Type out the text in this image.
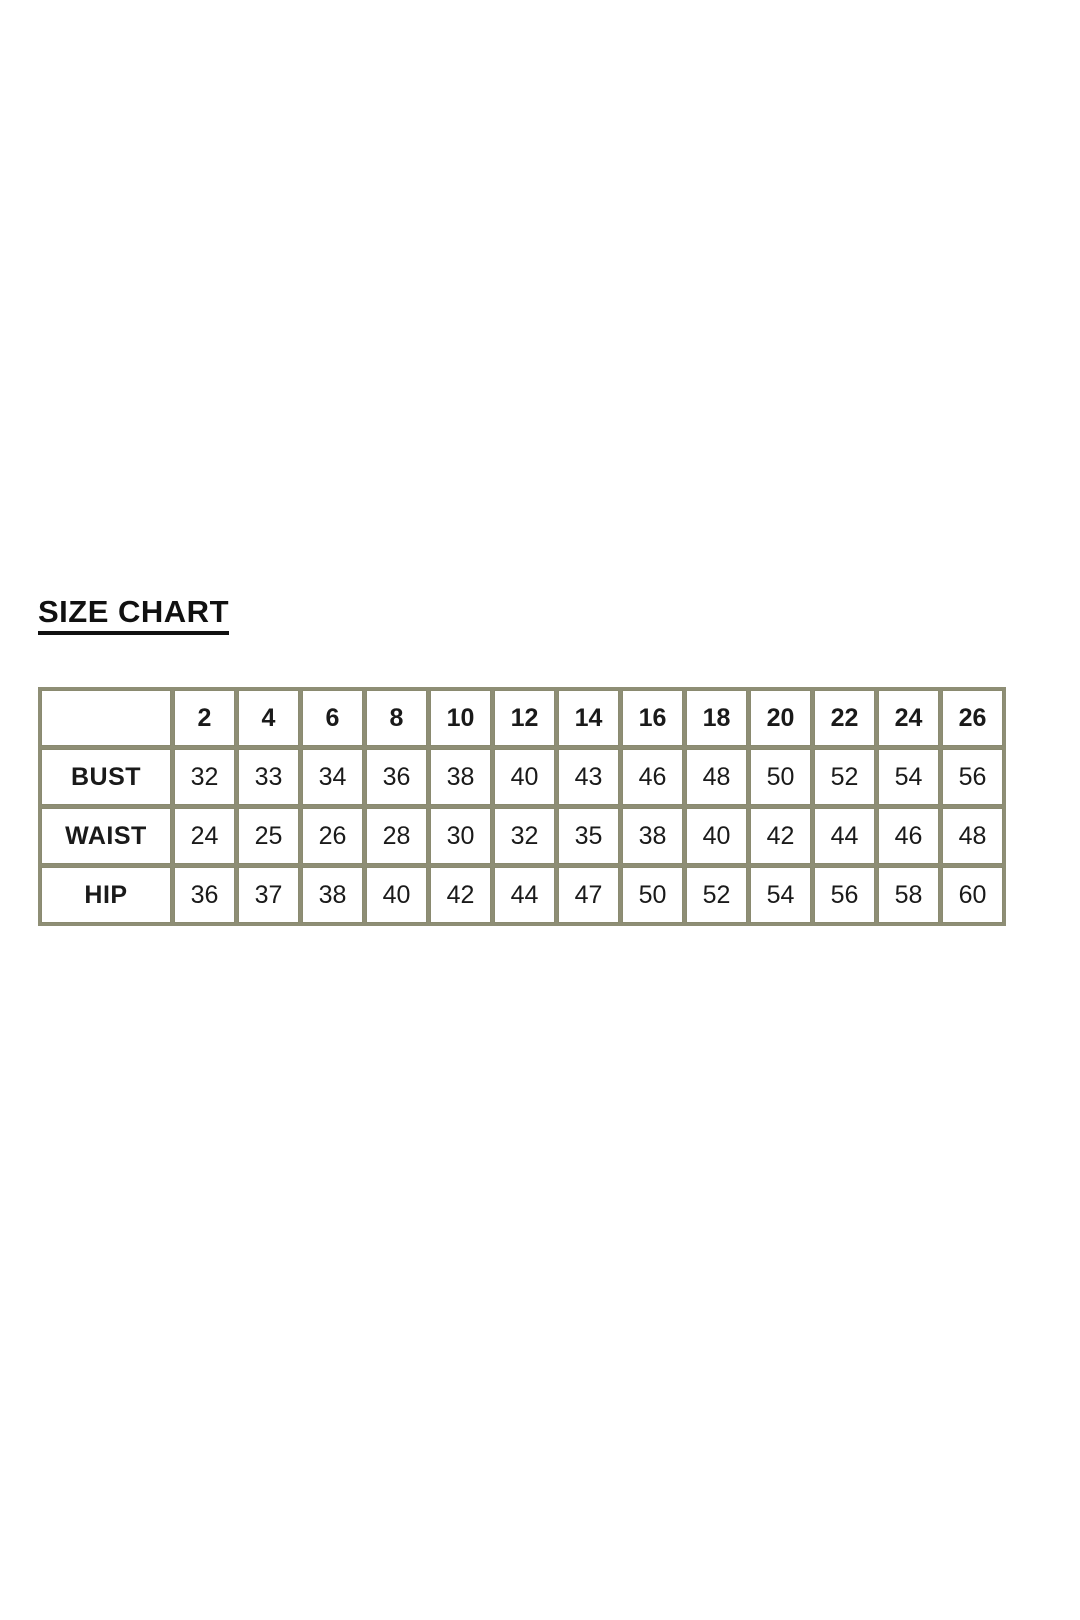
SIZE CHART
	2	4	6	8	10	12	14	16	18	20	22	24	26
BUST	32	33	34	36	38	40	43	46	48	50	52	54	56
WAIST	24	25	26	28	30	32	35	38	40	42	44	46	48
HIP	36	37	38	40	42	44	47	50	52	54	56	58	60
